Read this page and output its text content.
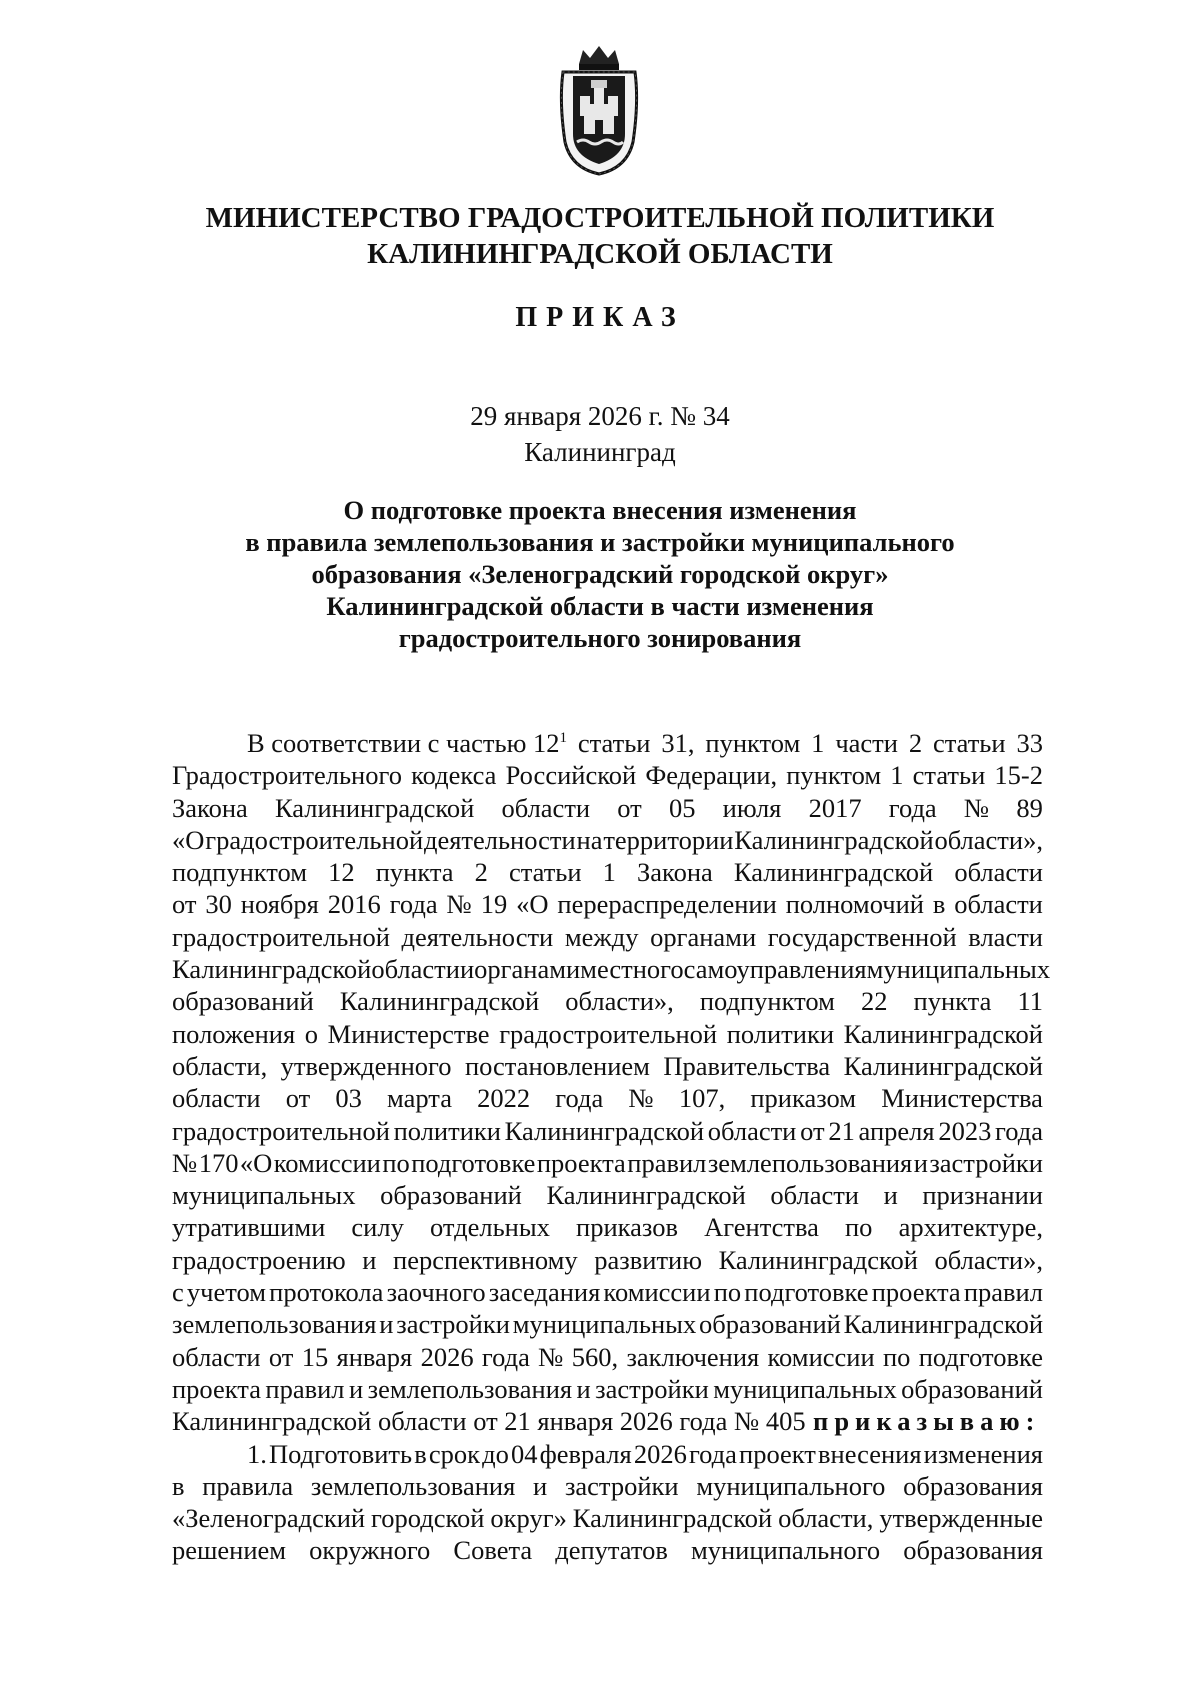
МИНИСТЕРСТВО ГРАДОСТРОИТЕЛЬНОЙ ПОЛИТИКИ
КАЛИНИНГРАДСКОЙ ОБЛАСТИ
ПРИКАЗ
29 января 2026 г. № 34
Калининград
О подготовке проекта внесения изменения
в правила землепользования и застройки муниципального
образования «Зеленоградский городской округ»
Калининградской области в части изменения
градостроительного зонирования
В соответствии с частью $12^1$ статьи 31, пунктом 1 части 2 статьи 33
Градостроительного кодекса Российской Федерации, пунктом 1 статьи 15-2
Закона Калининградской области от 05 июля 2017 года № 89
«О градостроительной деятельности на территории Калининградской области»,
подпунктом 12 пункта 2 статьи 1 Закона Калининградской области
от 30 ноября 2016 года № 19 «О перераспределении полномочий в области
градостроительной деятельности между органами государственной власти
Калининградской области и органами местного самоуправления муниципальных
образований Калининградской области», подпунктом 22 пункта 11
положения о Министерстве градостроительной политики Калининградской
области, утвержденного постановлением Правительства Калининградской
области от 03 марта 2022 года № 107, приказом Министерства
градостроительной политики Калининградской области от 21 апреля 2023 года
№ 170 «О комиссии по подготовке проекта правил землепользования и застройки
муниципальных образований Калининградской области и признании
утратившими силу отдельных приказов Агентства по архитектуре,
градостроению и перспективному развитию Калининградской области»,
с учетом протокола заочного заседания комиссии по подготовке проекта правил
землепользования и застройки муниципальных образований Калининградской
области от 15 января 2026 года № 560, заключения комиссии по подготовке
проекта правил и землепользования и застройки муниципальных образований
Калининградской области от 21 января 2026 года № 405 приказываю:
1. Подготовить в срок до 04 февраля 2026 года проект внесения изменения
в правила землепользования и застройки муниципального образования
«Зеленоградский городской округ» Калининградской области, утвержденные
решением окружного Совета депутатов муниципального образования
